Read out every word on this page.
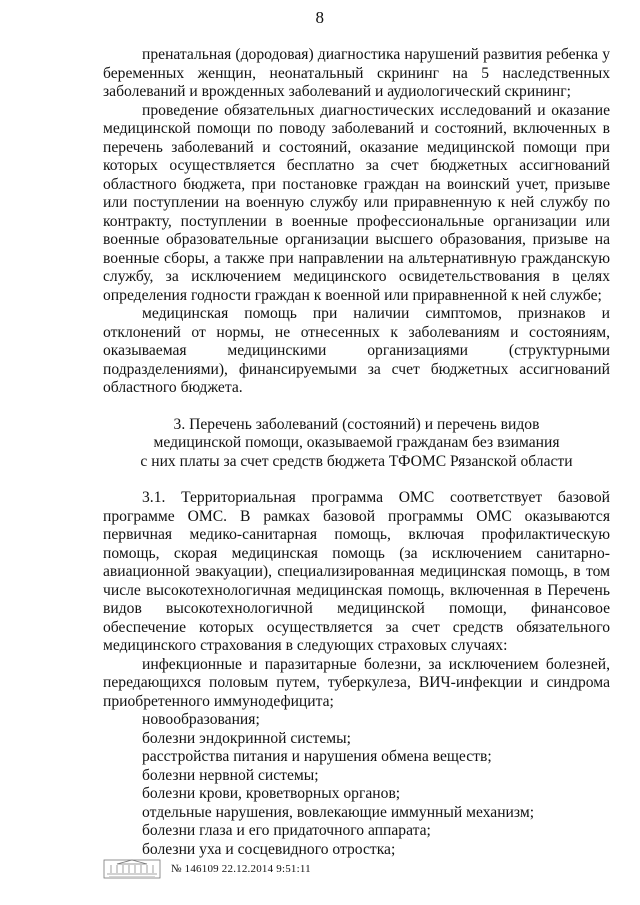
8

пренатальная (дородовая) диагностика нарушений развития ребенка у беременных женщин, неонатальный скрининг на 5 наследственных заболеваний и врожденных заболеваний и аудиологический скрининг;

проведение обязательных диагностических исследований и оказание медицинской помощи по поводу заболеваний и состояний, включенных в перечень заболеваний и состояний, оказание медицинской помощи при которых осуществляется бесплатно за счет бюджетных ассигнований областного бюджета, при постановке граждан на воинский учет, призыве или поступлении на военную службу или приравненную к ней службу по контракту, поступлении в военные профессиональные организации или военные образовательные организации высшего образования, призыве на военные сборы, а также при направлении на альтернативную гражданскую службу, за исключением медицинского освидетельствования в целях определения годности граждан к военной или приравненной к ней службе;

медицинская помощь при наличии симптомов, признаков и отклонений от нормы, не отнесенных к заболеваниям и состояниям, оказываемая медицинскими организациями (структурными подразделениями), финансируемыми за счет бюджетных ассигнований областного бюджета.

3. Перечень заболеваний (состояний) и перечень видов
медицинской помощи, оказываемой гражданам без взимания
с них платы за счет средств бюджета ТФОМС Рязанской области

3.1. Территориальная программа ОМС соответствует базовой программе ОМС. В рамках базовой программы ОМС оказываются первичная медико-санитарная помощь, включая профилактическую помощь, скорая медицинская помощь (за исключением санитарно-авиационной эвакуации), специализированная медицинская помощь, в том числе высокотехнологичная медицинская помощь, включенная в Перечень видов высокотехнологичной медицинской помощи, финансовое обеспечение которых осуществляется за счет средств обязательного медицинского страхования в следующих страховых случаях:

инфекционные и паразитарные болезни, за исключением болезней, передающихся половым путем, туберкулеза, ВИЧ-инфекции и синдрома приобретенного иммунодефицита;

новообразования;

болезни эндокринной системы;

расстройства питания и нарушения обмена веществ;

болезни нервной системы;

болезни крови, кроветворных органов;

отдельные нарушения, вовлекающие иммунный механизм;

болезни глаза и его придаточного аппарата;

болезни уха и сосцевидного отростка;

№ 146109 22.12.2014 9:51:11
